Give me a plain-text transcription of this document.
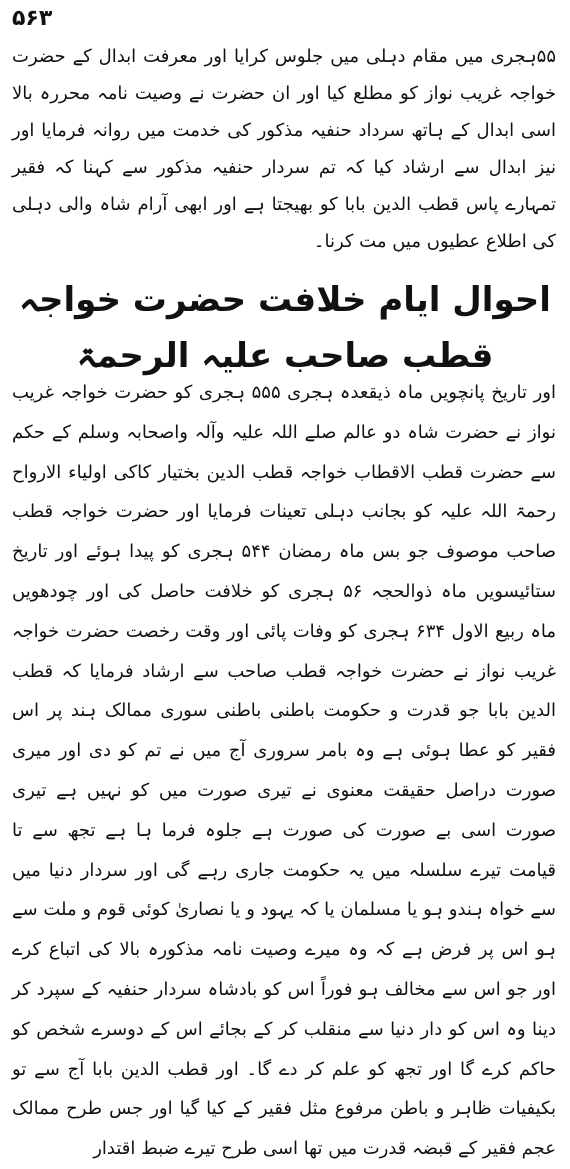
۵۶۳

۵۵ہجری میں مقام دہلی میں جلوس کرایا اور معرفت ابدال کے حضرت خواجہ غریب نواز کو مطلع کیا اور ان حضرت نے وصیت نامہ محررہ بالا اسی ابدال کے ہاتھ سرداد حنفیہ مذکور کی خدمت میں روانہ فرمایا اور نیز ابدال سے ارشاد کیا کہ تم سردار حنفیہ مذکور سے کہنا کہ فقیر تمہارے پاس قطب الدین بابا کو بھیجتا ہے اور ابھی آرام شاہ والی دہلی کی اطلاع عطیوں میں مت کرنا۔

احوال ایام خلافت حضرت خواجہ قطب صاحب علیہ الرحمۃ

اور تاریخ پانچویں ماہ ذیقعدہ ہجری ۵۵۵ ہجری کو حضرت خواجہ غریب نواز نے حضرت شاہ دو عالم صلے اللہ علیہ وآلہ واصحابہ وسلم کے حکم سے حضرت قطب الاقطاب خواجہ قطب الدین بختیار کاکی اولیاء الارواح رحمۃ اللہ علیہ کو بجانب دہلی تعینات فرمایا اور حضرت خواجہ قطب صاحب موصوف جو بس ماہ رمضان ۵۴۴ ہجری کو پیدا ہوئے اور تاریخ ستائیسویں ماہ ذوالحجہ ۵۶ ہجری کو خلافت حاصل کی اور چودھویں ماہ ربیع الاول ۶۳۴ ہجری کو وفات پائی اور وقت رخصت حضرت خواجہ غریب نواز نے حضرت خواجہ قطب صاحب سے ارشاد فرمایا کہ قطب الدین بابا جو قدرت و حکومت باطنی باطنی سوری ممالک ہند پر اس فقیر کو عطا ہوئی ہے وہ بامر سروری آج میں نے تم کو دی اور میری صورت دراصل حقیقت معنوی نے تیری صورت میں کو نہیں ہے تیری صورت اسی بے صورت کی صورت ہے جلوہ فرما ہا ہے تجھ سے تا قیامت تیرے سلسلہ میں یہ حکومت جاری رہے گی اور سردار دنیا میں سے خواہ ہندو ہو یا مسلمان یا کہ یہود و یا نصاریٰ کوئی قوم و ملت سے ہو اس پر فرض ہے کہ وہ میرے وصیت نامہ مذکورہ بالا کی اتباع کرے اور جو اس سے مخالف ہو فوراً اس کو بادشاہ سردار حنفیہ کے سپرد کر دینا وہ اس کو دار دنیا سے منقلب کر کے بجائے اس کے دوسرے شخص کو حاکم کرے گا اور تجھ کو علم کر دے گا۔ اور قطب الدین بابا آج سے تو بکیفیات ظاہر و باطن مرفوع مثل فقیر کے کیا گیا اور جس طرح ممالک عجم فقیر کے قبضہ قدرت میں تھا اسی طرح تیرے ضبط اقتدار
